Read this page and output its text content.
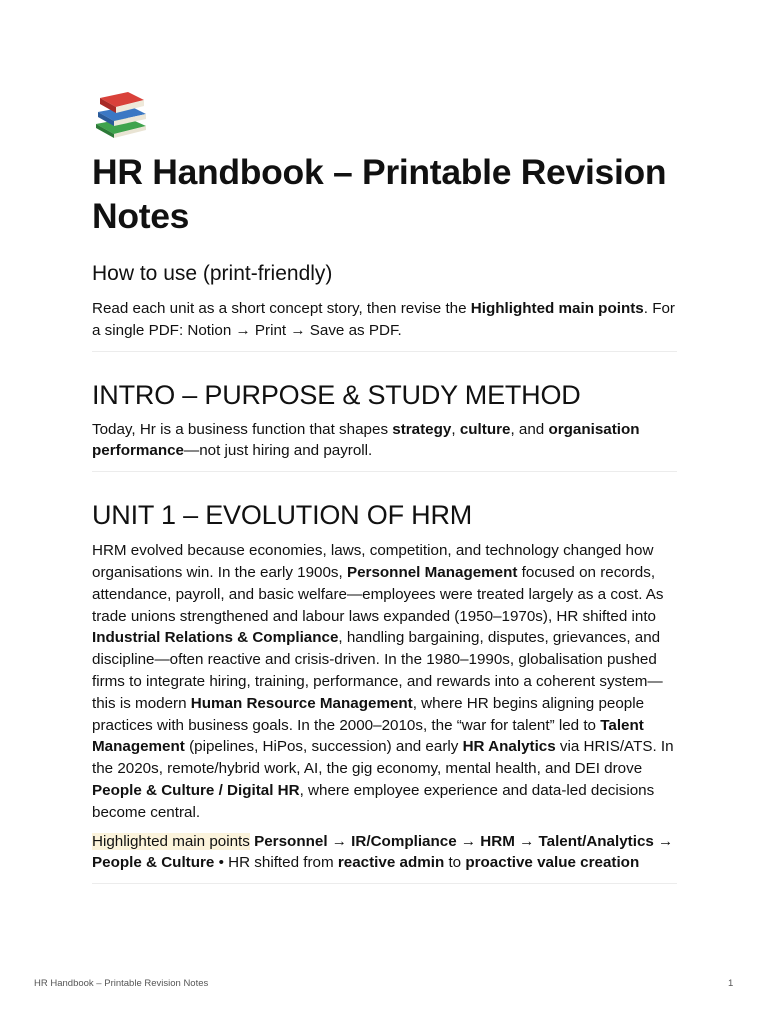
HR Handbook – Printable Revision Notes
How to use (print-friendly)

Read each unit as a short concept story, then revise the Highlighted main points. For a single PDF: Notion → Print → Save as PDF.

INTRO – PURPOSE & STUDY METHOD

Today, Hr is a business function that shapes strategy, culture, and organisation performance—not just hiring and payroll.

UNIT 1 – EVOLUTION OF HRM

HRM evolved because economies, laws, competition, and technology changed how organisations win. In the early 1900s, Personnel Management focused on records, attendance, payroll, and basic welfare—employees were treated largely as a cost. As trade unions strengthened and labour laws expanded (1950–1970s), HR shifted into Industrial Relations & Compliance, handling bargaining, disputes, grievances, and discipline—often reactive and crisis-driven. In the 1980–1990s, globalisation pushed firms to integrate hiring, training, performance, and rewards into a coherent system—this is modern Human Resource Management, where HR begins aligning people practices with business goals. In the 2000–2010s, the “war for talent” led to Talent Management (pipelines, HiPos, succession) and early HR Analytics via HRIS/ATS. In the 2020s, remote/hybrid work, AI, the gig economy, mental health, and DEI drove People & Culture / Digital HR, where employee experience and data-led decisions become central.

Highlighted main points Personnel → IR/Compliance → HRM → Talent/Analytics → People & Culture • HR shifted from reactive admin to proactive value creation

HR Handbook – Printable Revision Notes	1
